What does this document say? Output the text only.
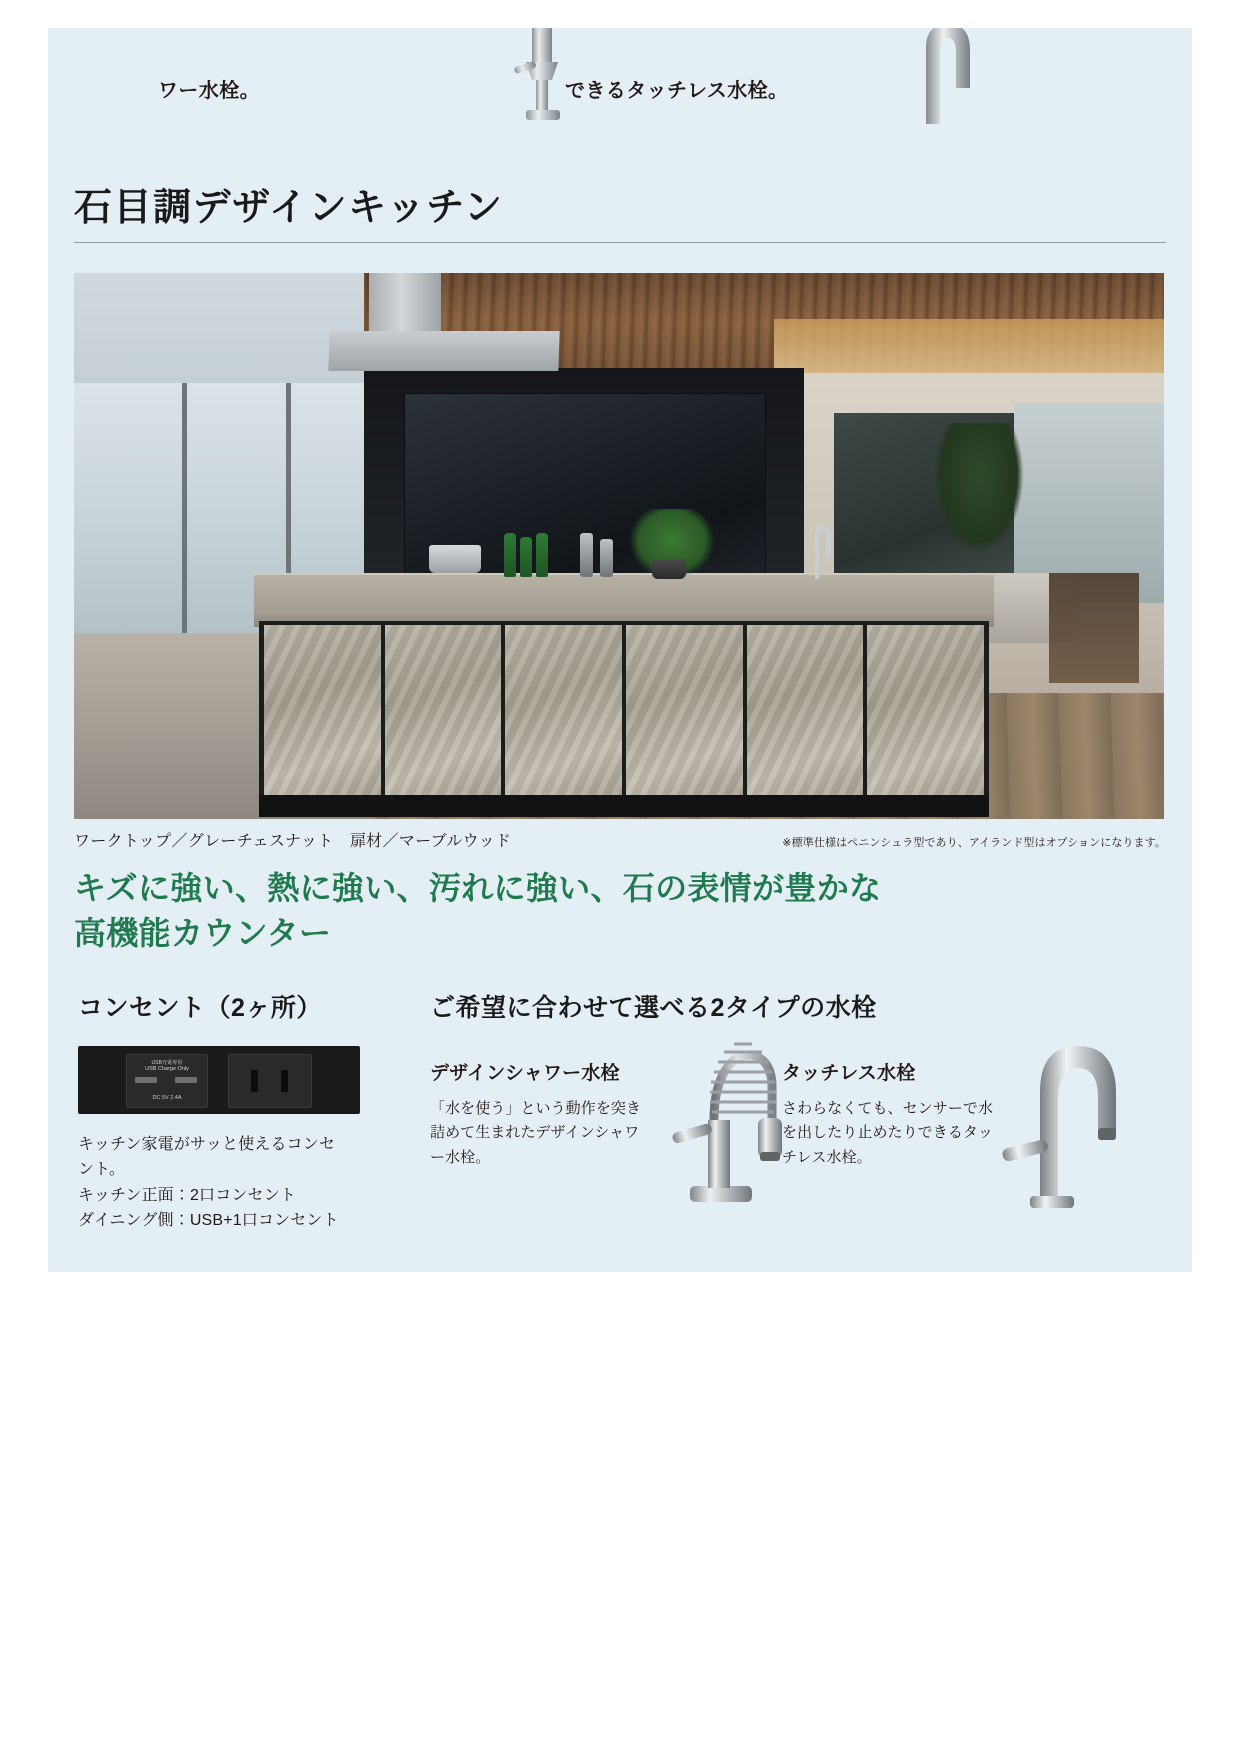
ワー水栓。	できるタッチレス水栓。
石目調デザインキッチン
ワークトップ／グレーチェスナット　扉材／マーブルウッド	※標準仕様はペニンシュラ型であり、アイランド型はオプションになります。
キズに強い、熱に強い、汚れに強い、石の表情が豊かな
高機能カウンター
コンセント（2ヶ所）
USB充電専用
USB Charge Only
DC 5V 2.4A
キッチン家電がサッと使えるコンセ
ント。
キッチン正面：2口コンセント
ダイニング側：USB+1口コンセント
ご希望に合わせて選べる2タイプの水栓
デザインシャワー水栓

「水を使う」という動作を突き詰めて生まれたデザインシャワー水栓。

タッチレス水栓

さわらなくても、センサーで水を出したり止めたりできるタッチレス水栓。
